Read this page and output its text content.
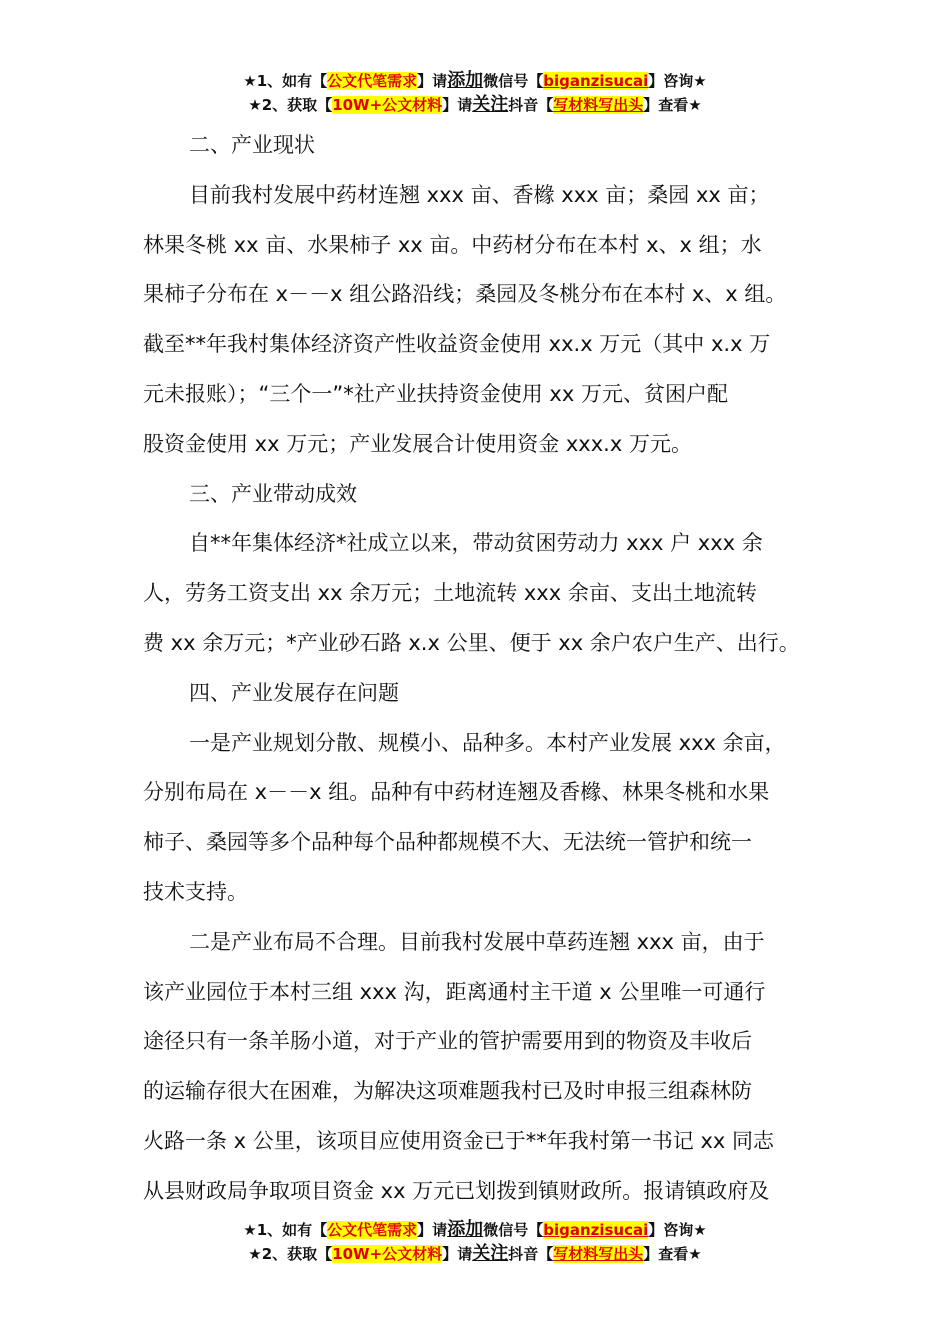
★1、如有【公文代笔需求】请添加微信号【biganzisucai】咨询★
★2、获取【10W+公文材料】请关注抖音【写材料写出头】查看★
二、产业现状
目前我村发展中药材连翘 xxx 亩、香橼 xxx 亩；桑园 xx 亩；
林果冬桃 xx 亩、水果柿子 xx 亩。中药材分布在本村 x、x 组；水
果柿子分布在 x－－x 组公路沿线；桑园及冬桃分布在本村 x、x 组。
截至**年我村集体经济资产性收益资金使用 xx.x 万元（其中 x.x 万
元未报账）；“三个一”*社产业扶持资金使用 xx 万元、贫困户配
股资金使用 xx 万元；产业发展合计使用资金 xxx.x 万元。
三、产业带动成效
自**年集体经济*社成立以来，带动贫困劳动力 xxx 户 xxx 余
人，劳务工资支出 xx 余万元；土地流转 xxx 余亩、支出土地流转
费 xx 余万元；*产业砂石路 x.x 公里、便于 xx 余户农户生产、出行。
四、产业发展存在问题
一是产业规划分散、规模小、品种多。本村产业发展 xxx 余亩，
分别布局在 x－－x 组。品种有中药材连翘及香橼、林果冬桃和水果
柿子、桑园等多个品种每个品种都规模不大、无法统一管护和统一
技术支持。
二是产业布局不合理。目前我村发展中草药连翘 xxx 亩，由于
该产业园位于本村三组 xxx 沟，距离通村主干道 x 公里唯一可通行
途径只有一条羊肠小道，对于产业的管护需要用到的物资及丰收后
的运输存很大在困难，为解决这项难题我村已及时申报三组森林防
火路一条 x 公里，该项目应使用资金已于**年我村第一书记 xx 同志
从县财政局争取项目资金 xx 万元已划拨到镇财政所。报请镇政府及
★1、如有【公文代笔需求】请添加微信号【biganzisucai】咨询★
★2、获取【10W+公文材料】请关注抖音【写材料写出头】查看★
